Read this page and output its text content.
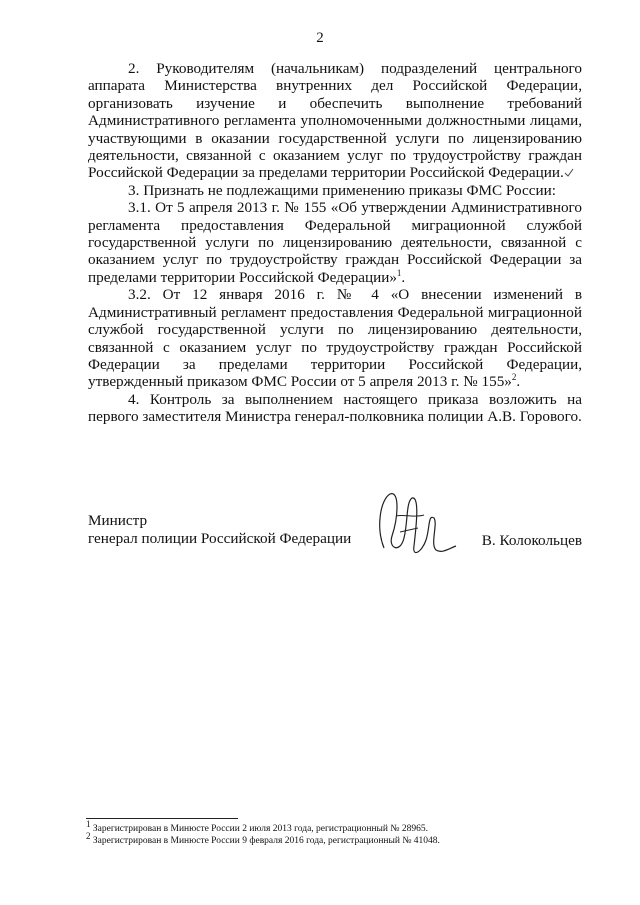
2

2. Руководителям (начальникам) подразделений центрального аппарата Министерства внутренних дел Российской Федерации, организовать изучение и обеспечить выполнение требований Административного регламента уполномоченными должностными лицами, участвующими в оказании государственной услуги по лицензированию деятельности, связанной с оказанием услуг по трудоустройству граждан Российской Федерации за пределами территории Российской Федерации.

3. Признать не подлежащими применению приказы ФМС России:

3.1. От 5 апреля 2013 г. № 155 «Об утверждении Административного регламента предоставления Федеральной миграционной службой государственной услуги по лицензированию деятельности, связанной с оказанием услуг по трудоустройству граждан Российской Федерации за пределами территории Российской Федерации»$^1$.

3.2. От 12 января 2016 г. № 4 «О внесении изменений в Административный регламент предоставления Федеральной миграционной службой государственной услуги по лицензированию деятельности, связанной с оказанием услуг по трудоустройству граждан Российской Федерации за пределами территории Российской Федерации, утвержденный приказом ФМС России от 5 апреля 2013 г. № 155»$^2$.

4. Контроль за выполнением настоящего приказа возложить на первого заместителя Министра генерал-полковника полиции А.В. Горового.

Министр
генерал полиции Российской Федерации	В. Колокольцев
$^1$ Зарегистрирован в Минюсте России 2 июля 2013 года, регистрационный № 28965.
$^2$ Зарегистрирован в Минюсте России 9 февраля 2016 года, регистрационный № 41048.
